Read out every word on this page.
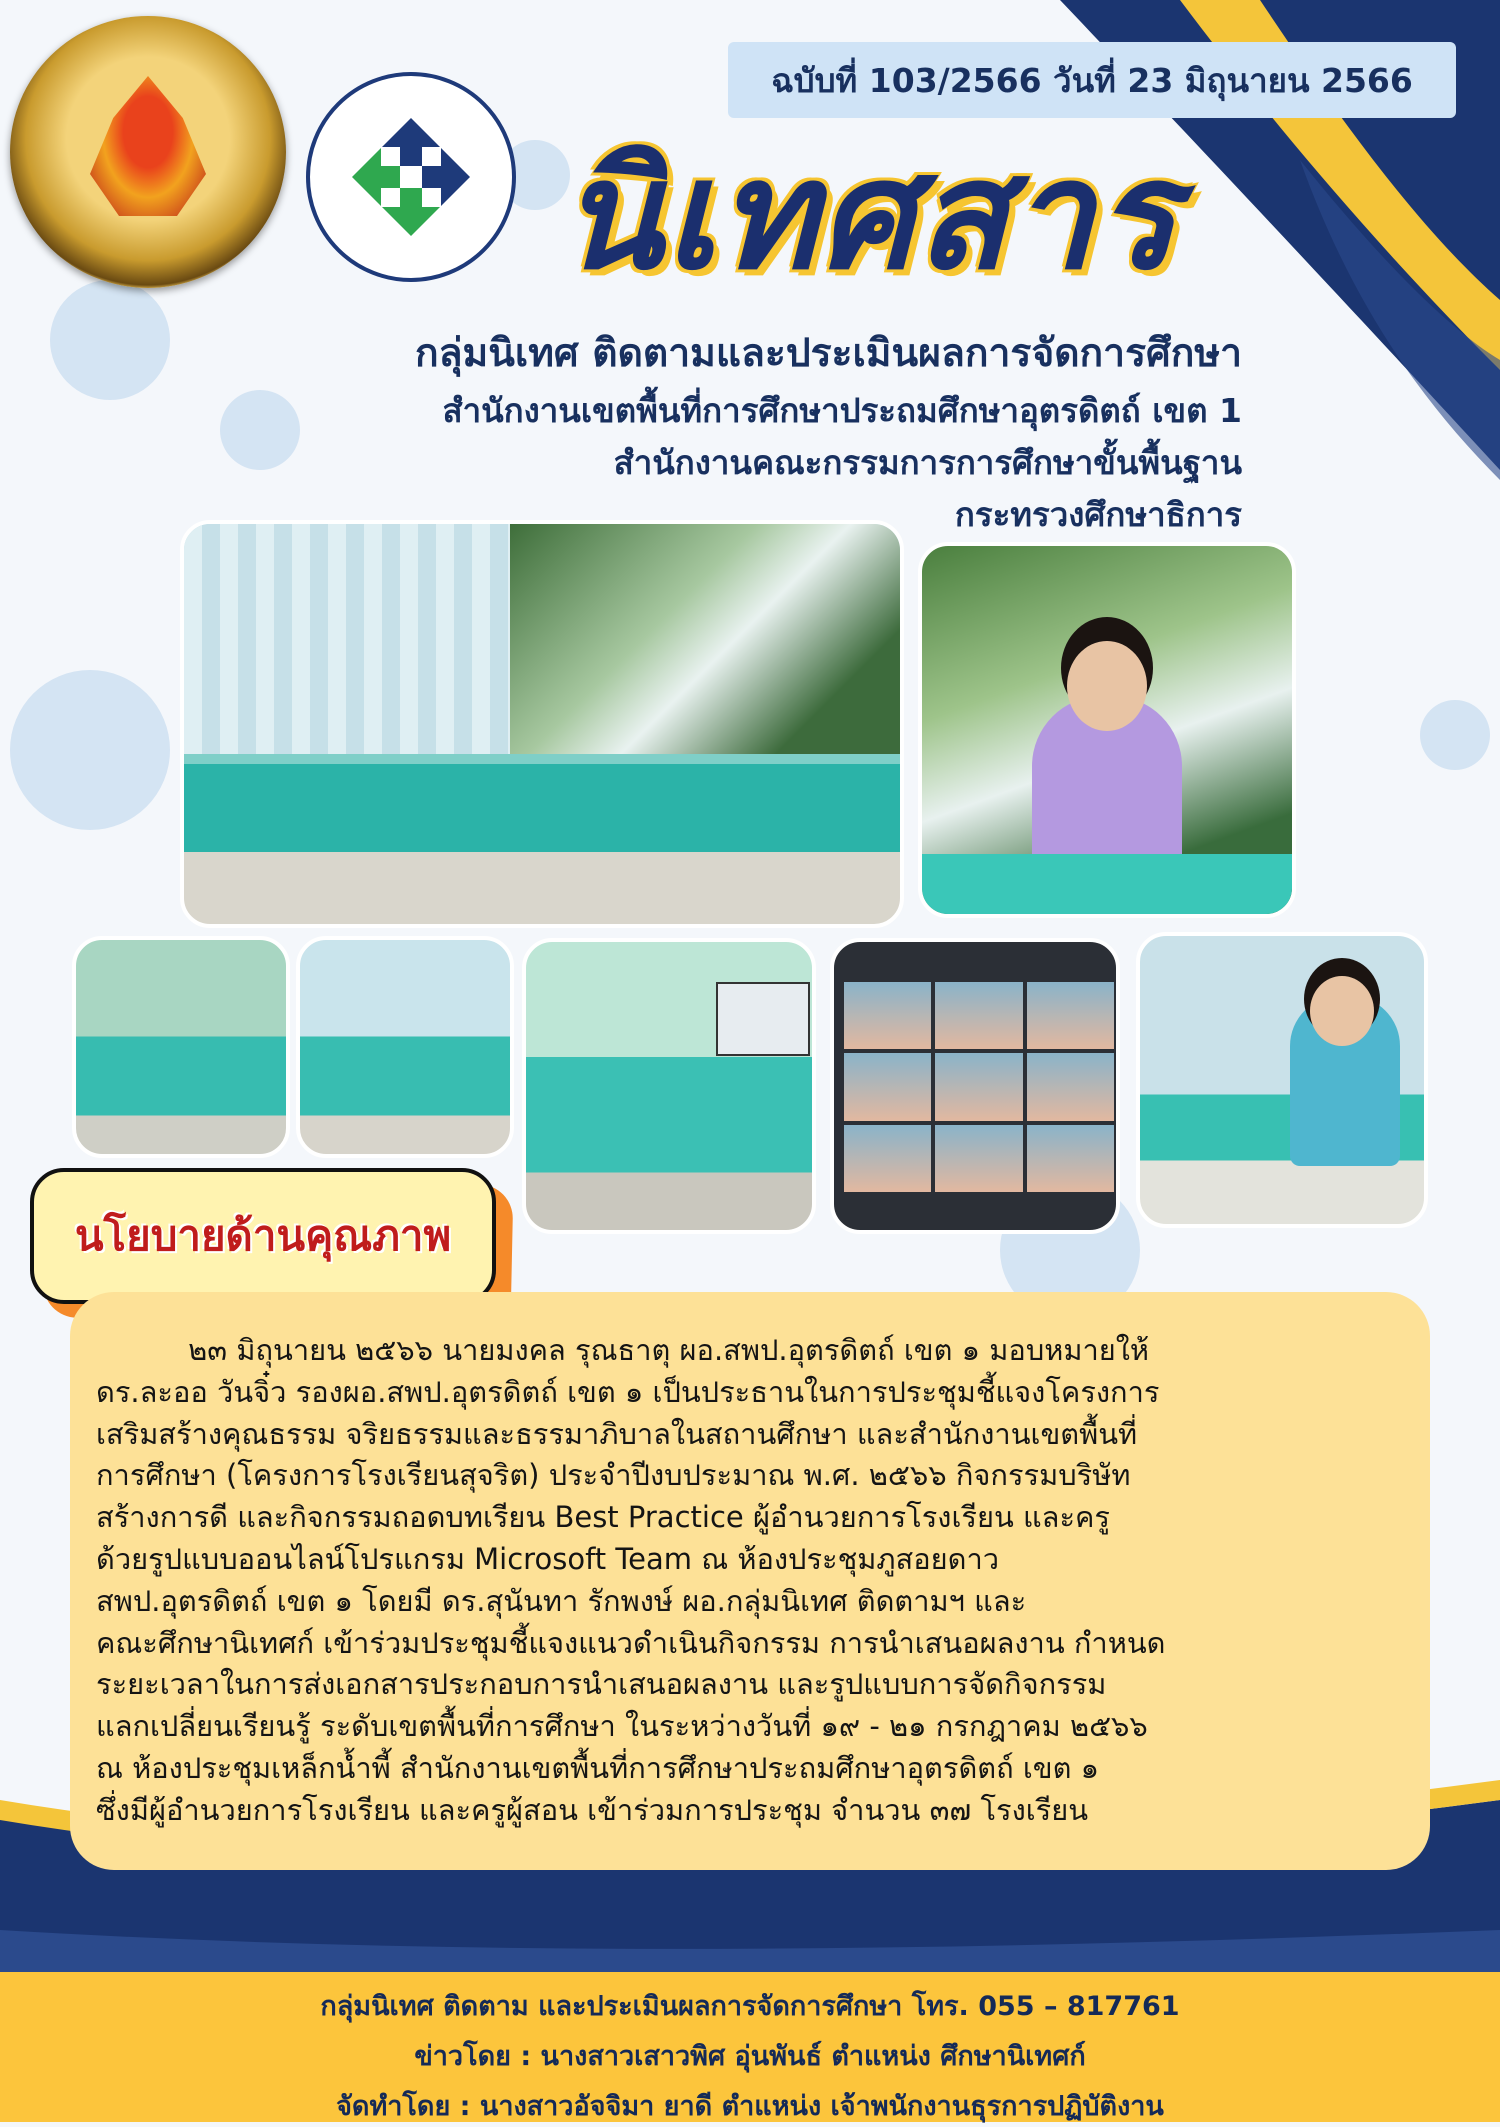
ฉบับที่ 103/2566 วันที่ 23 มิถุนายน 2566
นิเทศสาร
กลุ่มนิเทศ ติดตามและประเมินผลการจัดการศึกษา
สำนักงานเขตพื้นที่การศึกษาประถมศึกษาอุตรดิตถ์ เขต 1
สำนักงานคณะกรรมการการศึกษาขั้นพื้นฐาน
กระทรวงศึกษาธิการ
นโยบายด้านคุณภาพ

๒๓ มิถุนายน ๒๕๖๖ นายมงคล รุณธาตุ ผอ.สพป.อุตรดิตถ์ เขต ๑ มอบหมายให้

ดร.ละออ วันจิ๋ว รองผอ.สพป.อุตรดิตถ์ เขต ๑ เป็นประธานในการประชุมชี้แจงโครงการ

เสริมสร้างคุณธรรม จริยธรรมและธรรมาภิบาลในสถานศึกษา และสำนักงานเขตพื้นที่

การศึกษา (โครงการโรงเรียนสุจริต) ประจำปีงบประมาณ พ.ศ. ๒๕๖๖ กิจกรรมบริษัท

สร้างการดี และกิจกรรมถอดบทเรียน Best Practice ผู้อำนวยการโรงเรียน และครู

ด้วยรูปแบบออนไลน์โปรแกรม Microsoft Team ณ ห้องประชุมภูสอยดาว

สพป.อุตรดิตถ์ เขต ๑ โดยมี ดร.สุนันทา รักพงษ์ ผอ.กลุ่มนิเทศ ติดตามฯ และ

คณะศึกษานิเทศก์ เข้าร่วมประชุมชี้แจงแนวดำเนินกิจกรรม การนำเสนอผลงาน กำหนด

ระยะเวลาในการส่งเอกสารประกอบการนำเสนอผลงาน และรูปแบบการจัดกิจกรรม

แลกเปลี่ยนเรียนรู้ ระดับเขตพื้นที่การศึกษา ในระหว่างวันที่ ๑๙ - ๒๑ กรกฎาคม ๒๕๖๖

ณ ห้องประชุมเหล็กน้ำพี้ สำนักงานเขตพื้นที่การศึกษาประถมศึกษาอุตรดิตถ์ เขต ๑

ซึ่งมีผู้อำนวยการโรงเรียน และครูผู้สอน เข้าร่วมการประชุม จำนวน ๓๗ โรงเรียน

กลุ่มนิเทศ ติดตาม และประเมินผลการจัดการศึกษา โทร. 055 – 817761
ข่าวโดย : นางสาวเสาวพิศ อุ่นพันธ์ ตำแหน่ง ศึกษานิเทศก์
จัดทำโดย : นางสาวอัจจิมา ยาดี ตำแหน่ง เจ้าพนักงานธุรการปฏิบัติงาน
